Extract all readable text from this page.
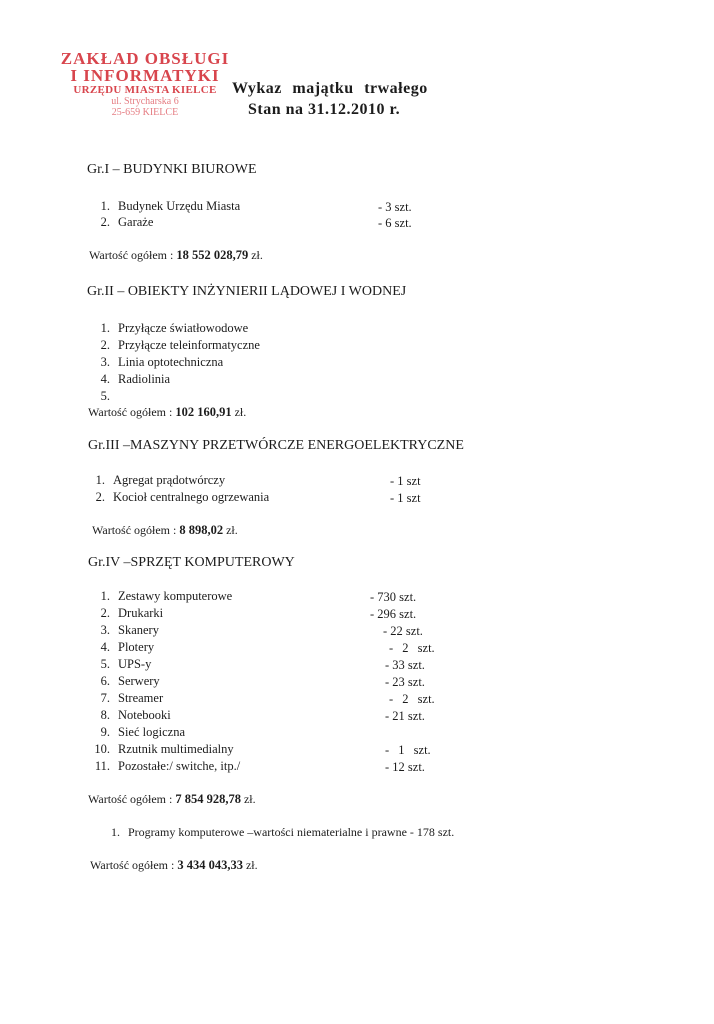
ZAKŁAD OBSŁUGI
I INFORMATYKI
URZĘDU MIASTA KIELCE
ul. Strycharska 6
25-659 KIELCE
Wykaz majątku trwałego
Stan na 31.12.2010 r.
Gr.I – BUDYNKI BIUROWE
1. Budynek Urzędu Miasta	- 3 szt.
2. Garaże	- 6 szt.
Wartość ogółem : 18 552 028,79 zł.
Gr.II – OBIEKTY INŻYNIERII LĄDOWEJ I WODNEJ
1. Przyłącze światłowodowe
2. Przyłącze teleinformatyczne
3. Linia optotechniczna
4. Radiolinia
5.
Wartość ogółem : 102 160,91 zł.
Gr.III –MASZYNY PRZETWÓRCZE ENERGOELEKTRYCZNE
1. Agregat prądotwórczy	- 1 szt
2. Kocioł centralnego ogrzewania	- 1 szt
Wartość ogółem : 8 898,02 zł.
Gr.IV –SPRZĘT KOMPUTEROWY
1. Zestawy komputerowe	- 730 szt.
2. Drukarki	- 296 szt.
3. Skanery	- 22 szt.
4. Plotery	- 2 szt.
5. UPS-y	- 33 szt.
6. Serwery	- 23 szt.
7. Streamer	- 2 szt.
8. Notebooki	- 21 szt.
9. Sieć logiczna
10. Rzutnik multimedialny	- 1 szt.
11. Pozostałe:/ switche, itp./	- 12 szt.
Wartość ogółem : 7 854 928,78 zł.
1. Programy komputerowe –wartości niematerialne i prawne - 178 szt.
Wartość ogółem : 3 434 043,33 zł.
